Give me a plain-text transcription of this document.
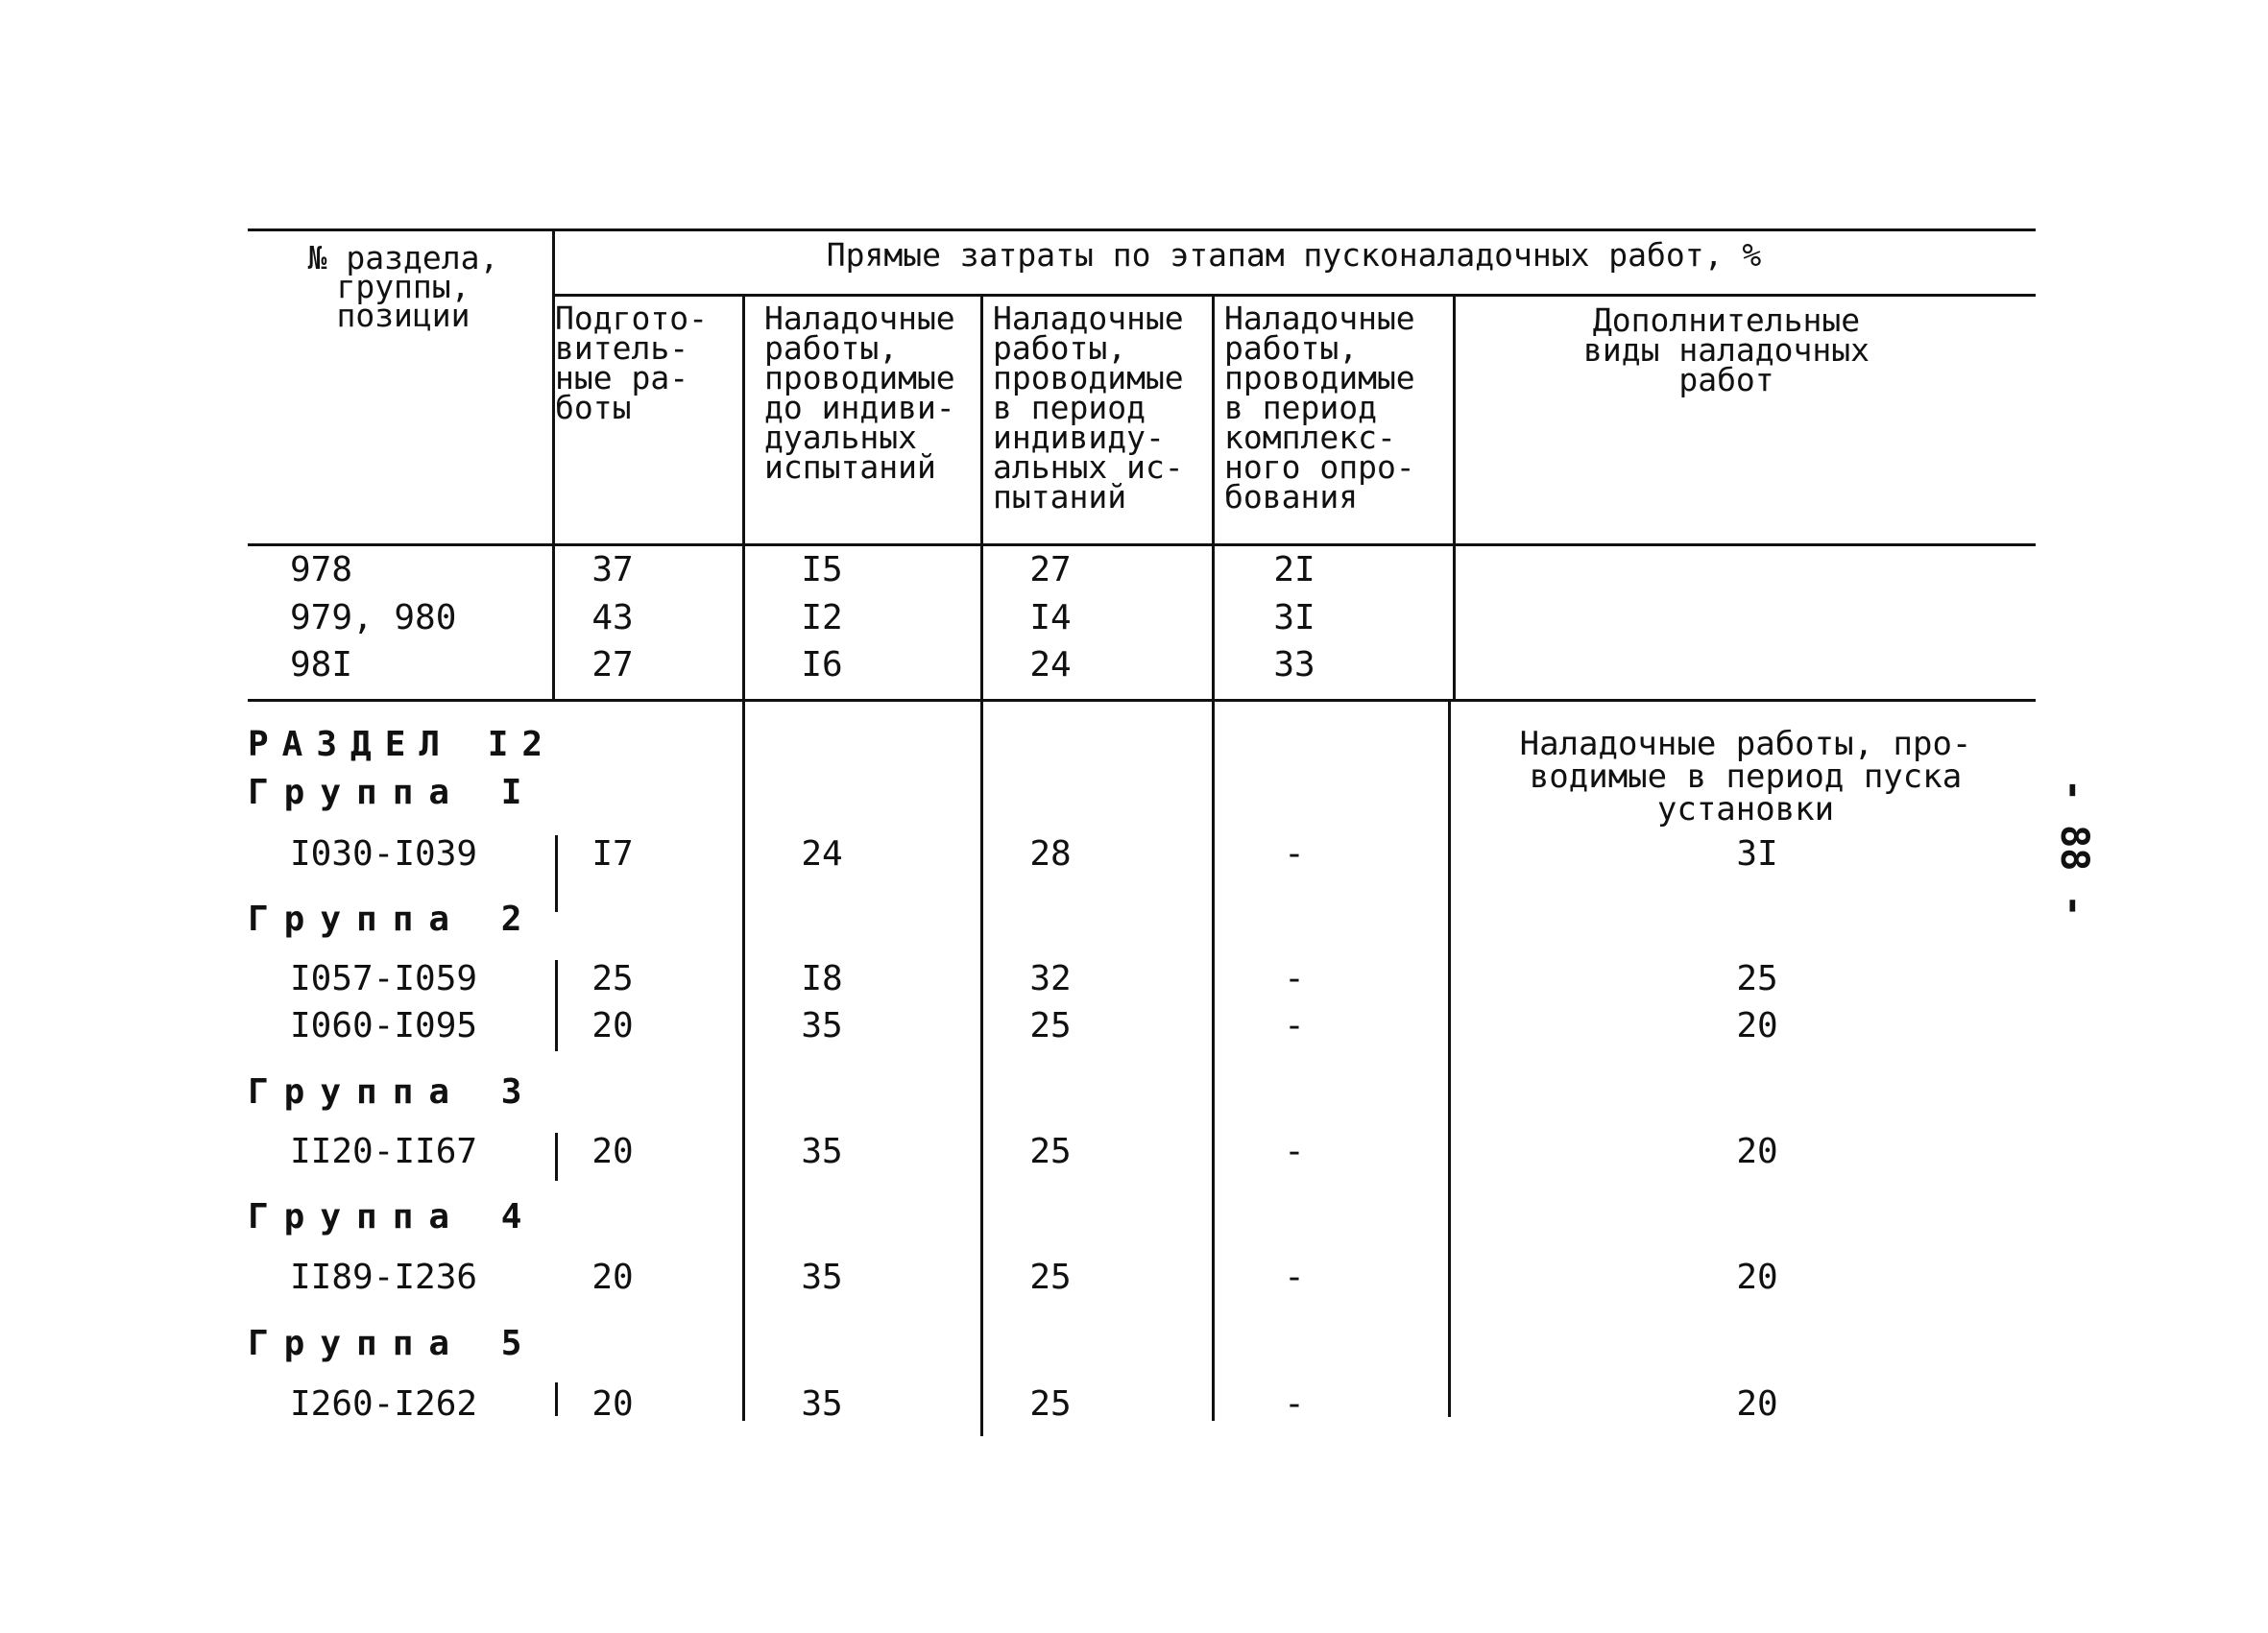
№ раздела,
группы,
позиции
Прямые затраты по этапам пусконаладочных работ, %
Подгото-
витель-
ные ра-
боты
Наладочные
работы,
проводимые
до индиви-
дуальных
испытаний
Наладочные
работы,
проводимые
в период
индивиду-
альных ис-
пытаний
Наладочные
работы,
проводимые
в период
комплекс-
ного опро-
бования
Дополнительные
виды наладочных
работ
978	37	I5	27	2I
979, 980	43	I2	I4	3I
98I	27	I6	24	33
РАЗДЕЛ I2	Наладочные работы, про-
водимые в период пуска
установки
Группа I
I030-I039	I7	24	28	-	3I
Группа 2
I057-I059	25	I8	32	-	25
I060-I095	20	35	25	-	20
Группа 3
II20-II67	20	35	25	-	20
Группа 4
II89-I236	20	35	25	-	20
Группа 5
I260-I262	20	35	25	-	20
- 88 -
